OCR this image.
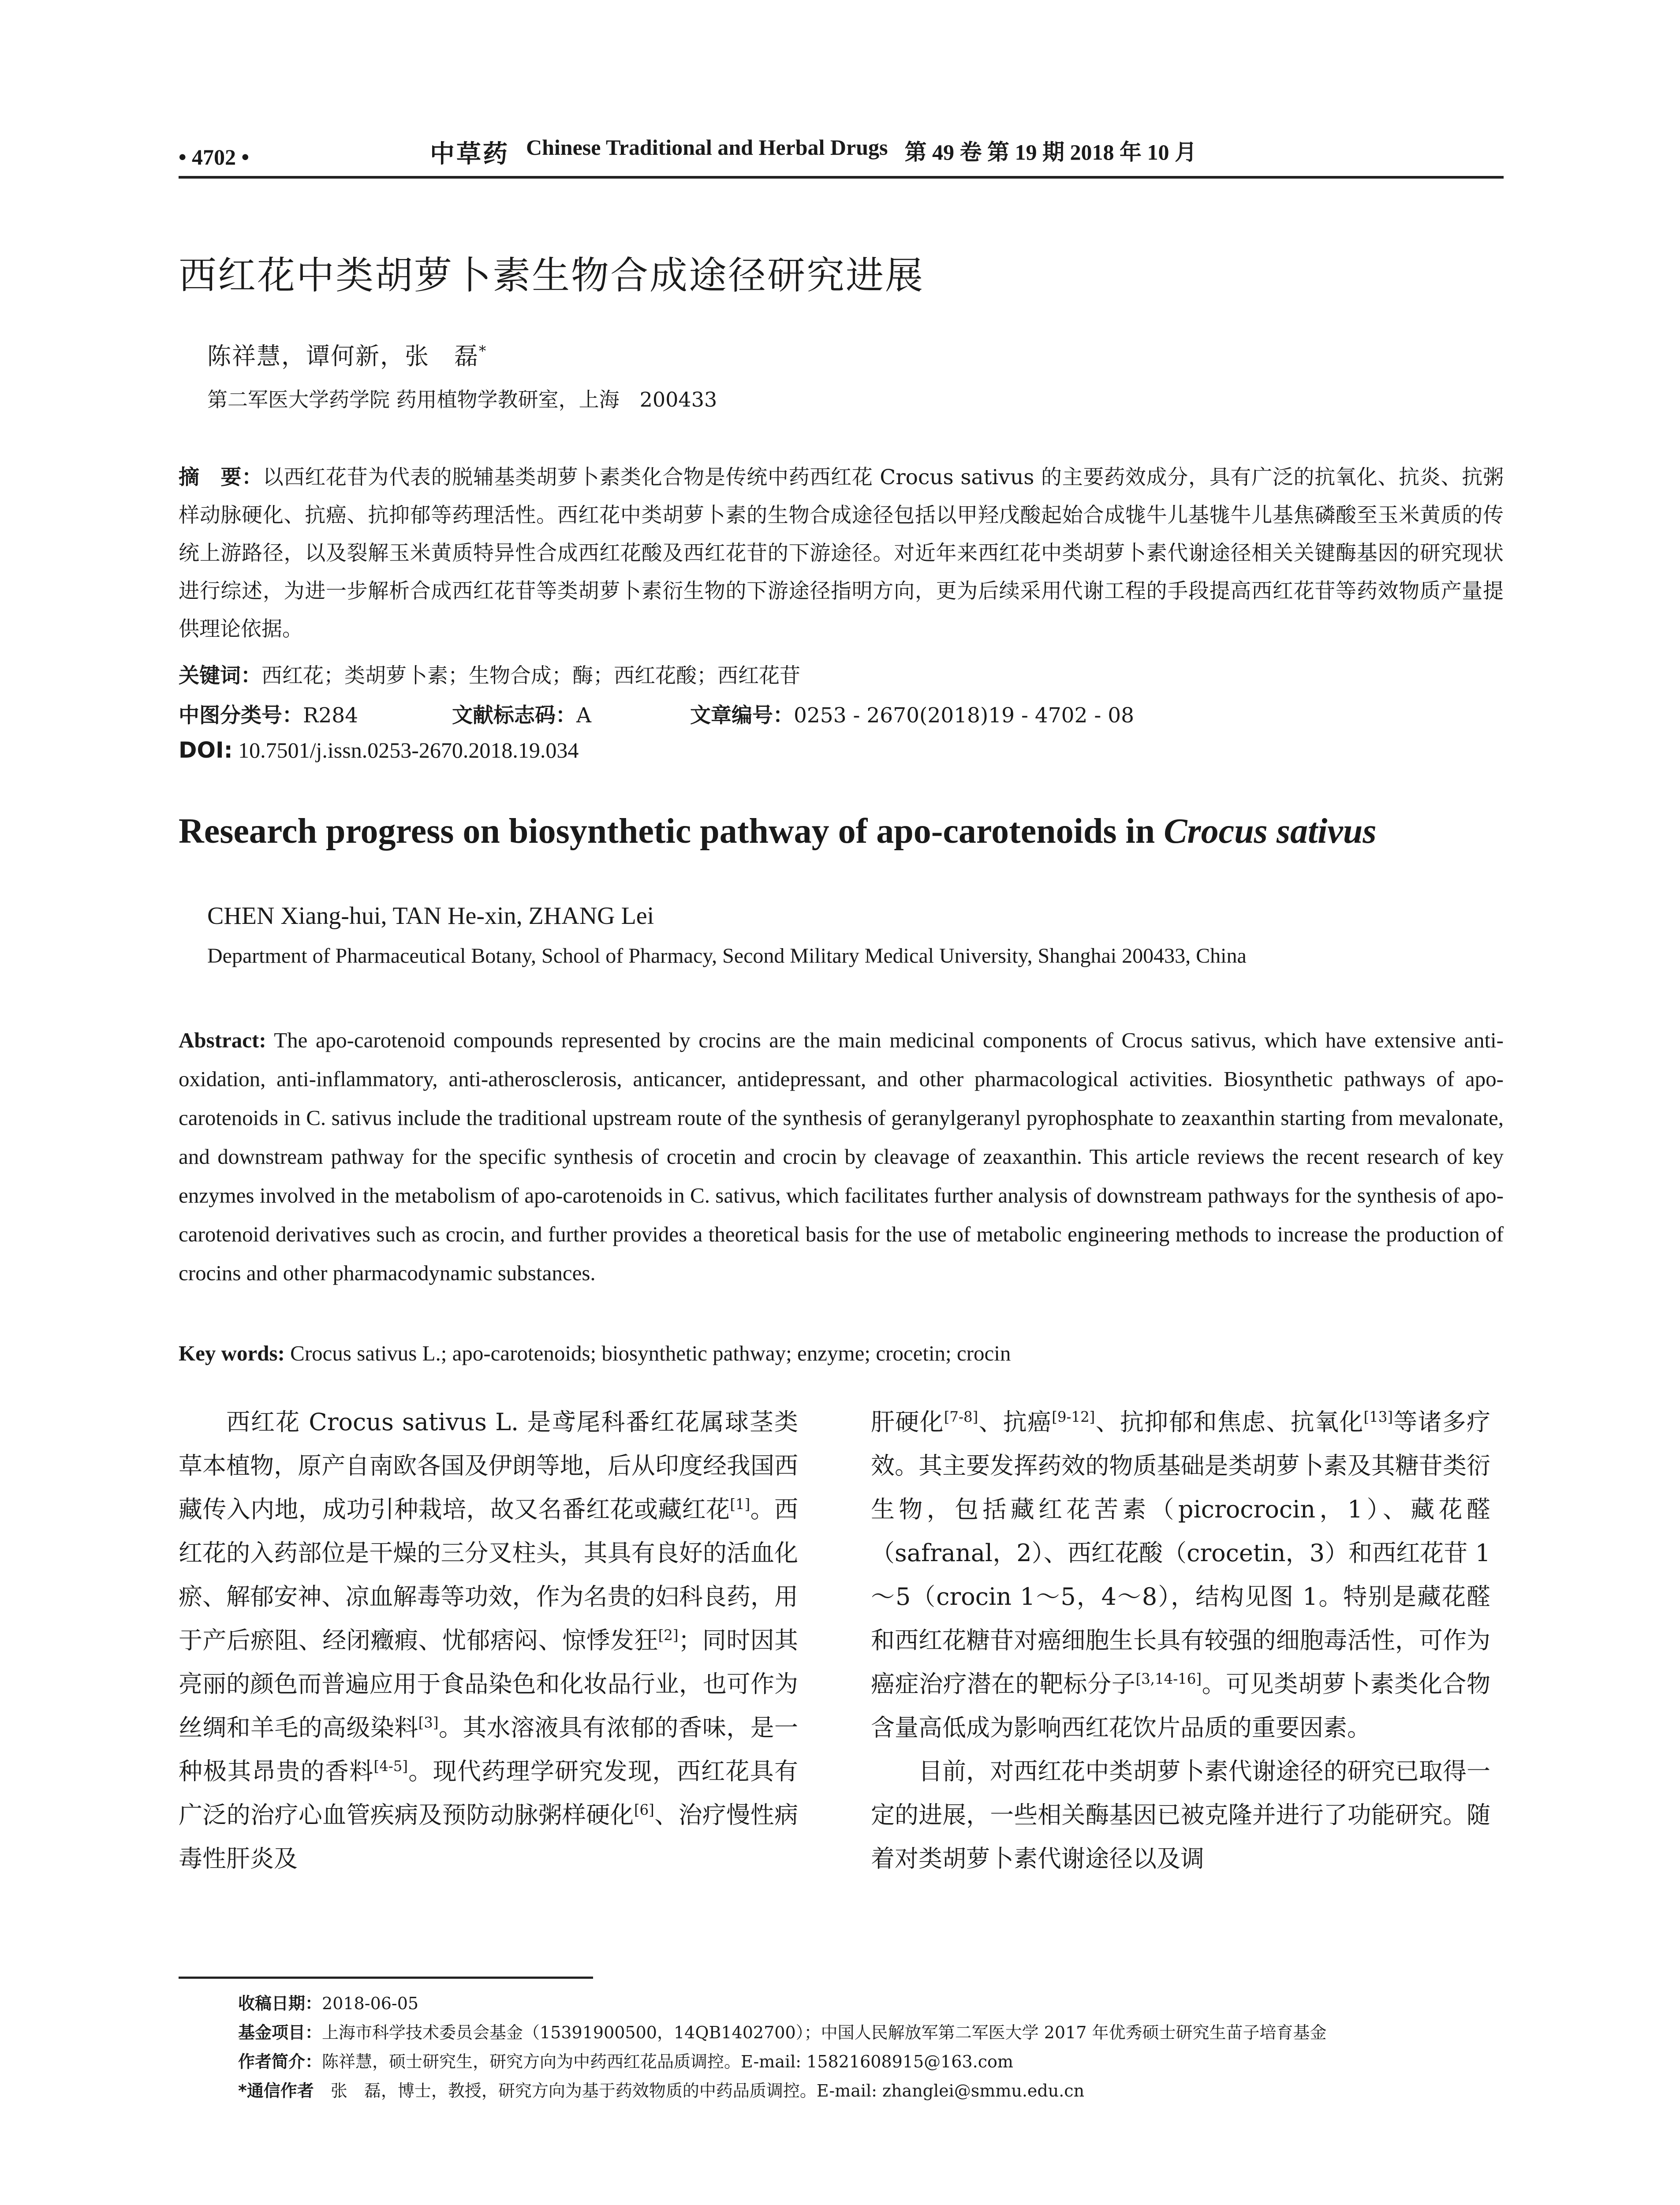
• 4702 •	中草药 Chinese Traditional and Herbal Drugs 第 49 卷 第 19 期 2018 年 10 月
西红花中类胡萝卜素生物合成途径研究进展
陈祥慧，谭何新，张　磊*
第二军医大学药学院 药用植物学教研室，上海　200433
摘　要：以西红花苷为代表的脱辅基类胡萝卜素类化合物是传统中药西红花 Crocus sativus 的主要药效成分，具有广泛的抗氧化、抗炎、抗粥样动脉硬化、抗癌、抗抑郁等药理活性。西红花中类胡萝卜素的生物合成途径包括以甲羟戊酸起始合成牻牛儿基牻牛儿基焦磷酸至玉米黄质的传统上游路径，以及裂解玉米黄质特异性合成西红花酸及西红花苷的下游途径。对近年来西红花中类胡萝卜素代谢途径相关关键酶基因的研究现状进行综述，为进一步解析合成西红花苷等类胡萝卜素衍生物的下游途径指明方向，更为后续采用代谢工程的手段提高西红花苷等药效物质产量提供理论依据。
关键词：西红花；类胡萝卜素；生物合成；酶；西红花酸；西红花苷
中图分类号：R284	文献标志码：A	文章编号：0253 - 2670(2018)19 - 4702 - 08
DOI: 10.7501/j.issn.0253-2670.2018.19.034
Research progress on biosynthetic pathway of apo-carotenoids in Crocus sativus
CHEN Xiang-hui, TAN He-xin, ZHANG Lei
Department of Pharmaceutical Botany, School of Pharmacy, Second Military Medical University, Shanghai 200433, China
Abstract: The apo-carotenoid compounds represented by crocins are the main medicinal components of Crocus sativus, which have extensive anti-oxidation, anti-inflammatory, anti-atherosclerosis, anticancer, antidepressant, and other pharmacological activities. Biosynthetic pathways of apo-carotenoids in C. sativus include the traditional upstream route of the synthesis of geranylgeranyl pyrophosphate to zeaxanthin starting from mevalonate, and downstream pathway for the specific synthesis of crocetin and crocin by cleavage of zeaxanthin. This article reviews the recent research of key enzymes involved in the metabolism of apo-carotenoids in C. sativus, which facilitates further analysis of downstream pathways for the synthesis of apo-carotenoid derivatives such as crocin, and further provides a theoretical basis for the use of metabolic engineering methods to increase the production of crocins and other pharmacodynamic substances.
Key words: Crocus sativus L.; apo-carotenoids; biosynthetic pathway; enzyme; crocetin; crocin

西红花 Crocus sativus L. 是鸢尾科番红花属球茎类草本植物，原产自南欧各国及伊朗等地，后从印度经我国西藏传入内地，成功引种栽培，故又名番红花或藏红花[1]。西红花的入药部位是干燥的三分叉柱头，其具有良好的活血化瘀、解郁安神、凉血解毒等功效，作为名贵的妇科良药，用于产后瘀阻、经闭癥瘕、忧郁痞闷、惊悸发狂[2]；同时因其亮丽的颜色而普遍应用于食品染色和化妆品行业，也可作为丝绸和羊毛的高级染料[3]。其水溶液具有浓郁的香味，是一种极其昂贵的香料[4-5]。现代药理学研究发现，西红花具有广泛的治疗心血管疾病及预防动脉粥样硬化[6]、治疗慢性病毒性肝炎及

肝硬化[7-8]、抗癌[9-12]、抗抑郁和焦虑、抗氧化[13]等诸多疗效。其主要发挥药效的物质基础是类胡萝卜素及其糖苷类衍生物，包括藏红花苦素（picrocrocin，1）、藏花醛（safranal，2）、西红花酸（crocetin，3）和西红花苷 1～5（crocin 1～5，4～8），结构见图 1。特别是藏花醛和西红花糖苷对癌细胞生长具有较强的细胞毒活性，可作为癌症治疗潜在的靶标分子[3,14-16]。可见类胡萝卜素类化合物含量高低成为影响西红花饮片品质的重要因素。

目前，对西红花中类胡萝卜素代谢途径的研究已取得一定的进展，一些相关酶基因已被克隆并进行了功能研究。随着对类胡萝卜素代谢途径以及调

收稿日期：2018-06-05
基金项目：上海市科学技术委员会基金（15391900500，14QB1402700）；中国人民解放军第二军医大学 2017 年优秀硕士研究生苗子培育基金
作者简介：陈祥慧，硕士研究生，研究方向为中药西红花品质调控。E-mail: 15821608915@163.com
*通信作者　 张　磊，博士，教授，研究方向为基于药效物质的中药品质调控。E-mail: zhanglei@smmu.edu.cn
